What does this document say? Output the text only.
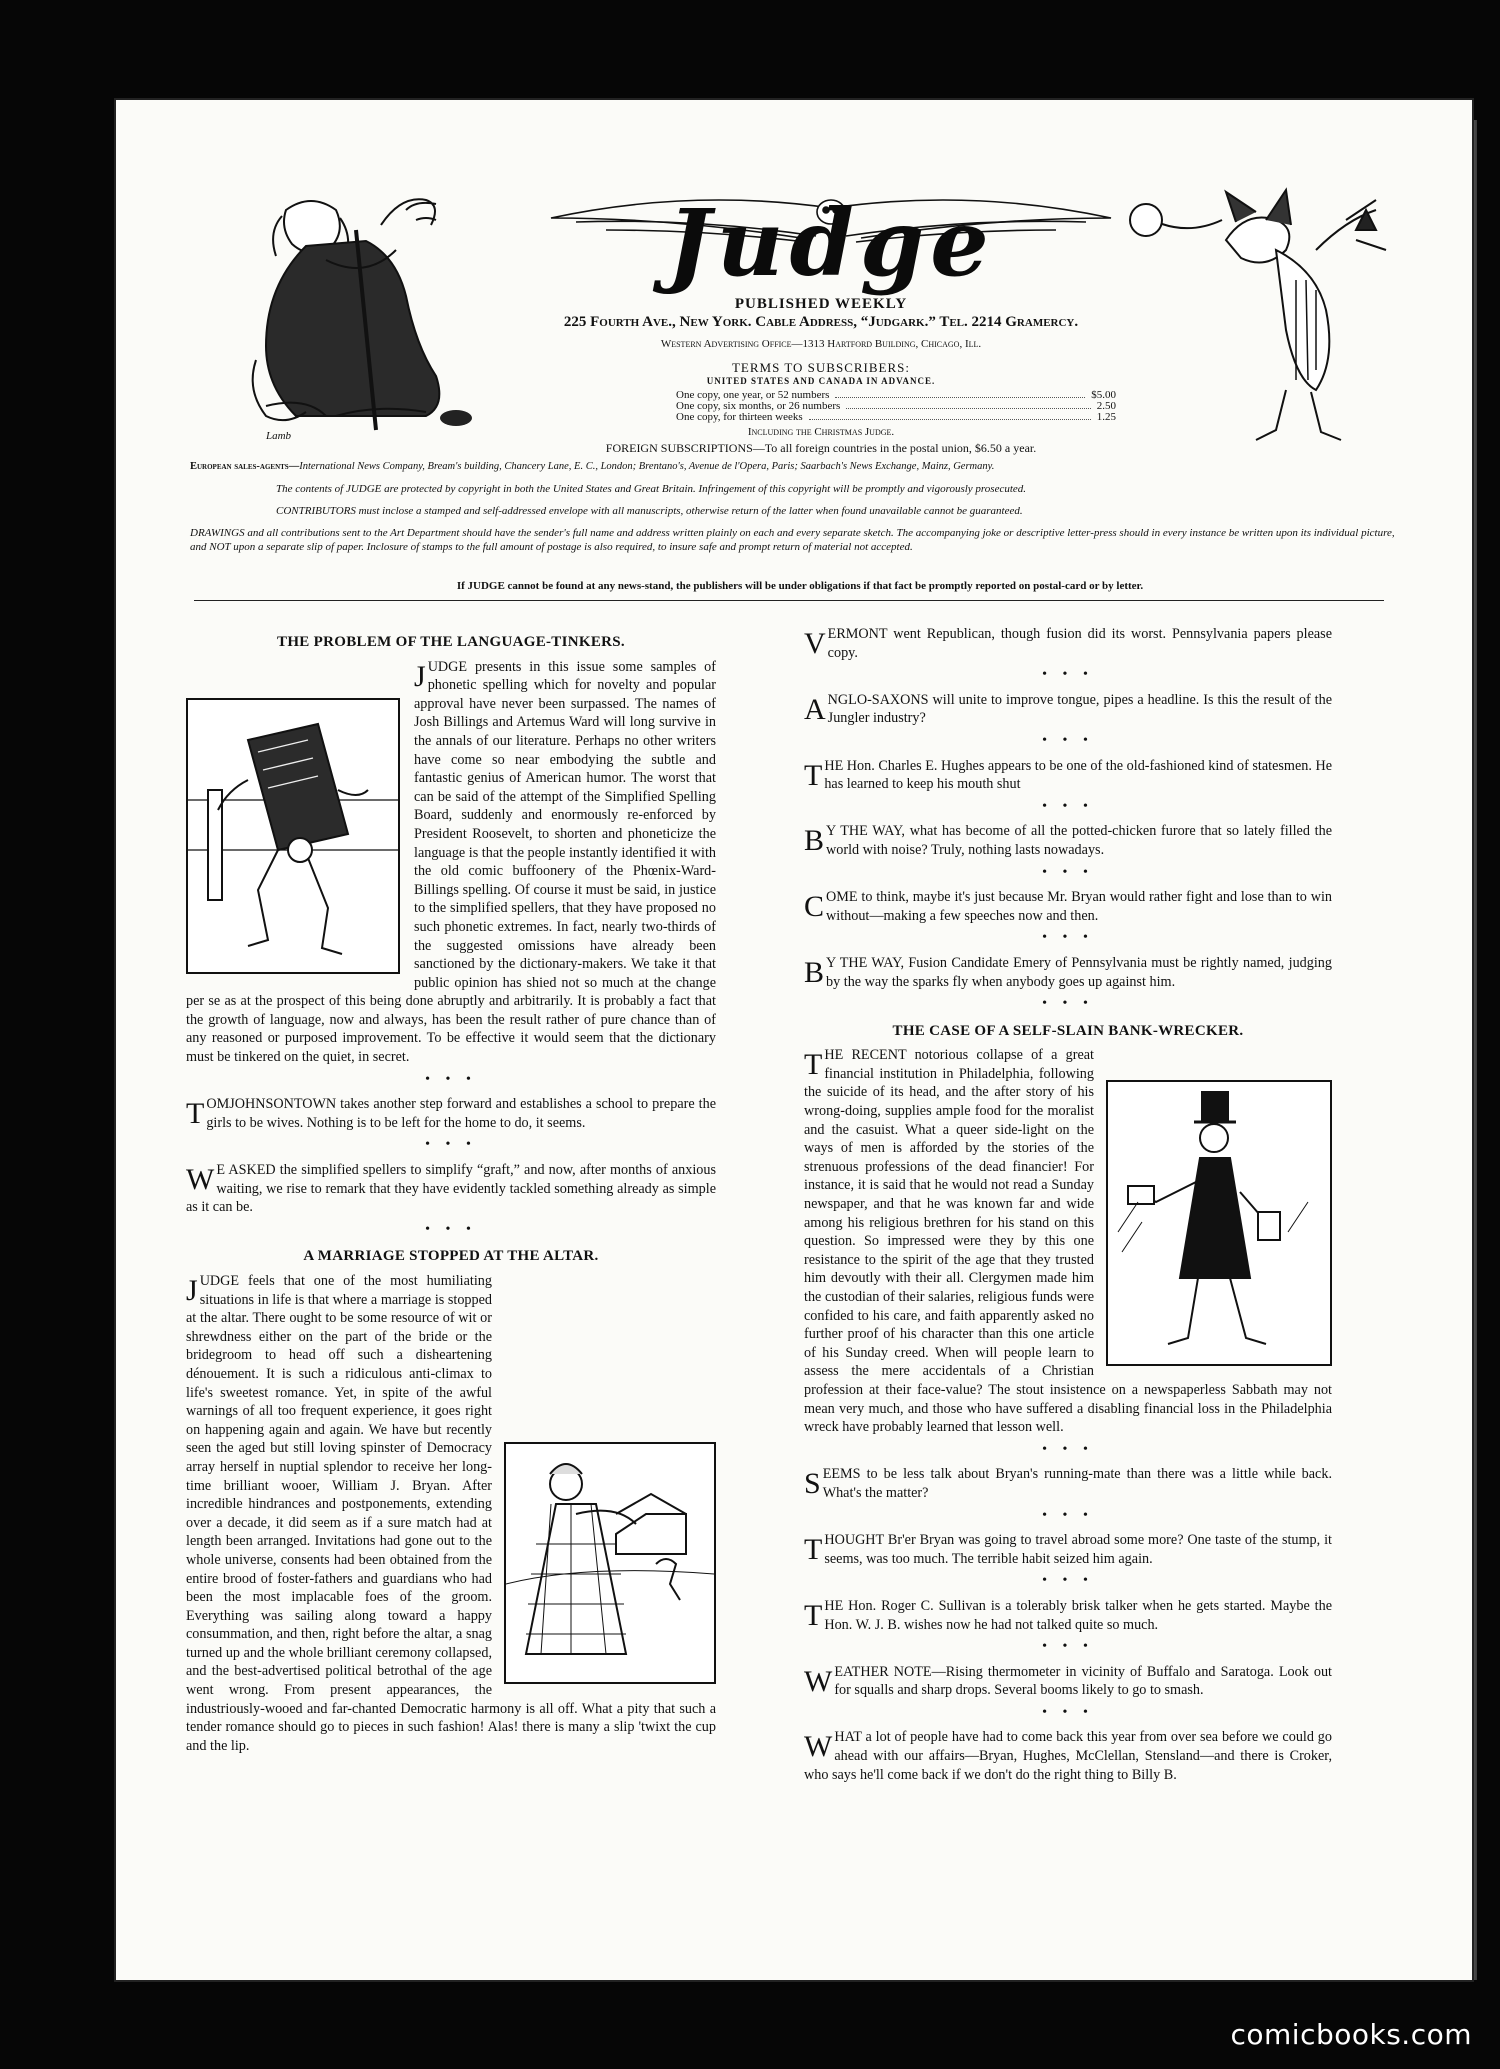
Lamb
Judge
PUBLISHED WEEKLY
225 Fourth Ave., New York. Cable Address, “Judgark.” Tel. 2214 Gramercy.
Western Advertising Office—1313 Hartford Building, Chicago, Ill.
TERMS TO SUBSCRIBERS:
UNITED STATES AND CANADA IN ADVANCE.
One copy, one year, or 52 numbers	$5.00
One copy, six months, or 26 numbers	2.50
One copy, for thirteen weeks	1.25
Including the Christmas Judge.
FOREIGN SUBSCRIPTIONS—To all foreign countries in the postal union, $6.50 a year.
European sales-agents—International News Company, Bream's building, Chancery Lane, E. C., London; Brentano's, Avenue de l'Opera, Paris; Saarbach's News Exchange, Mainz, Germany.
The contents of JUDGE are protected by copyright in both the United States and Great Britain. Infringement of this copyright will be promptly and vigorously prosecuted.
CONTRIBUTORS must inclose a stamped and self-addressed envelope with all manuscripts, otherwise return of the latter when found unavailable cannot be guaranteed.
DRAWINGS and all contributions sent to the Art Department should have the sender's full name and address written plainly on each and every separate sketch. The accompanying joke or descriptive letter-press should in every instance be written upon its individual picture, and NOT upon a separate slip of paper. Inclosure of stamps to the full amount of postage is also required, to insure safe and prompt return of material not accepted.
If JUDGE cannot be found at any news-stand, the publishers will be under obligations if that fact be promptly reported on postal-card or by letter.
THE PROBLEM OF THE LANGUAGE-TINKERS.

JUDGE presents in this issue some samples of phonetic spelling which for novelty and popular approval have never been surpassed. The names of Josh Billings and Artemus Ward will long survive in the annals of our literature. Perhaps no other writers have come so near embodying the subtle and fantastic genius of American humor. The worst that can be said of the attempt of the Simplified Spelling Board, suddenly and enormously re-enforced by President Roosevelt, to shorten and phoneticize the language is that the people instantly identified it with the old comic buffoonery of the Phœnix-Ward-Billings spelling. Of course it must be said, in justice to the simplified spellers, that they have proposed no such phonetic extremes. In fact, nearly two-thirds of the suggested omissions have already been sanctioned by the dictionary-makers. We take it that public opinion has shied not so much at the change per se as at the prospect of this being done abruptly and arbitrarily. It is probably a fact that the growth of language, now and always, has been the result rather of pure chance than of any reasoned or purposed improvement. To be effective it would seem that the dictionary must be tinkered on the quiet, in secret.

• • •

TOMJOHNSONTOWN takes another step forward and establishes a school to prepare the girls to be wives. Nothing is to be left for the home to do, it seems.

• • •

W E ASKED the simplified spellers to simplify “graft,” and now, after months of anxious waiting, we rise to remark that they have evidently tackled something already as simple as it can be.

• • •
A MARRIAGE STOPPED AT THE ALTAR.

JUDGE feels that one of the most humiliating situations in life is that where a marriage is stopped at the altar. There ought to be some resource of wit or shrewdness either on the part of the bride or the bridegroom to head off such a disheartening dénouement. It is such a ridiculous anti-climax to life's sweetest romance. Yet, in spite of the awful warnings of all too frequent experience, it goes right on happening again and again. We have but recently seen the aged but still loving spinster of Democracy array herself in nuptial splendor to receive her long-time brilliant wooer, William J. Bryan. After incredible hindrances and postponements, extending over a decade, it did seem as if a sure match had at length been arranged. Invitations had gone out to the whole universe, consents had been obtained from the entire brood of foster-fathers and guardians who had been the most implacable foes of the groom. Everything was sailing along toward a happy consummation, and then, right before the altar, a snag turned up and the whole brilliant ceremony collapsed, and the best-advertised political betrothal of the age went wrong. From present appearances, the industriously-wooed and far-chanted Democratic harmony is all off. What a pity that such a tender romance should go to pieces in such fashion! Alas! there is many a slip 'twixt the cup and the lip.

VERMONT went Republican, though fusion did its worst. Pennsylvania papers please copy.

• • •

ANGLO-SAXONS will unite to improve tongue, pipes a headline. Is this the result of the Jungler industry?

• • •

THE Hon. Charles E. Hughes appears to be one of the old-fashioned kind of statesmen. He has learned to keep his mouth shut

• • •

B Y THE WAY, what has become of all the potted-chicken furore that so lately filled the world with noise? Truly, nothing lasts nowadays.

• • •

COME to think, maybe it's just because Mr. Bryan would rather fight and lose than to win without—making a few speeches now and then.

• • •

B Y THE WAY, Fusion Candidate Emery of Pennsylvania must be rightly named, judging by the way the sparks fly when anybody goes up against him.

• • •
THE CASE OF A SELF-SLAIN BANK-WRECKER.

THE RECENT notorious collapse of a great financial institution in Philadelphia, following the suicide of its head, and the after story of his wrong-doing, supplies ample food for the moralist and the casuist. What a queer side-light on the ways of men is afforded by the stories of the strenuous professions of the dead financier! For instance, it is said that he would not read a Sunday newspaper, and that he was known far and wide among his religious brethren for his stand on this question. So impressed were they by this one resistance to the spirit of the age that they trusted him devoutly with their all. Clergymen made him the custodian of their salaries, religious funds were confided to his care, and faith apparently asked no further proof of his character than this one article of his Sunday creed. When will people learn to assess the mere accidentals of a Christian profession at their face-value? The stout insistence on a newspaperless Sabbath may not mean very much, and those who have suffered a disabling financial loss in the Philadelphia wreck have probably learned that lesson well.

• • •

SEEMS to be less talk about Bryan's running-mate than there was a little while back. What's the matter?

• • •

THOUGHT Br'er Bryan was going to travel abroad some more? One taste of the stump, it seems, was too much. The terrible habit seized him again.

• • •

THE Hon. Roger C. Sullivan is a tolerably brisk talker when he gets started. Maybe the Hon. W. J. B. wishes now he had not talked quite so much.

• • •

WEATHER NOTE—Rising thermometer in vicinity of Buffalo and Saratoga. Look out for squalls and sharp drops. Several booms likely to go to smash.

• • •

WHAT a lot of people have had to come back this year from over sea before we could go ahead with our affairs—Bryan, Hughes, McClellan, Stensland—and there is Croker, who says he'll come back if we don't do the right thing to Billy B.

comicbooks.com
